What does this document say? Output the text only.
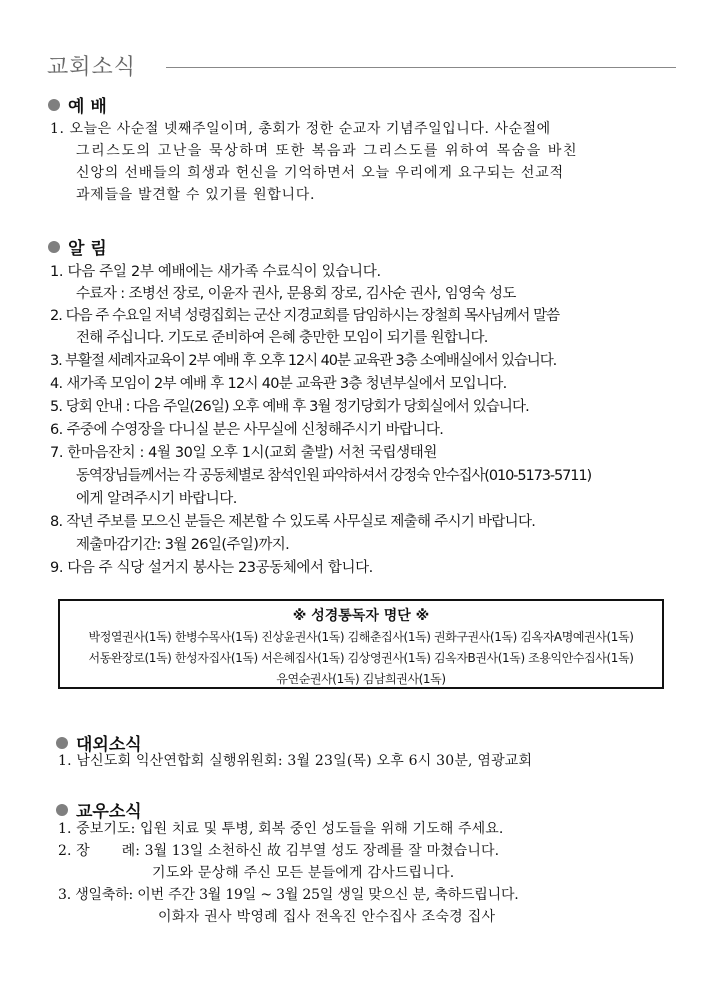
교회소식
예 배
1. 오늘은 사순절 넷째주일이며, 총회가 정한 순교자 기념주일입니다. 사순절에
그리스도의 고난을 묵상하며 또한 복음과 그리스도를 위하여 목숨을 바친
신앙의 선배들의 희생과 헌신을 기억하면서 오늘 우리에게 요구되는 선교적
과제들을 발견할 수 있기를 원합니다.
알 림
1. 다음 주일 2부 예배에는 새가족 수료식이 있습니다.
수료자 : 조병선 장로, 이윤자 권사, 문용회 장로, 김사순 권사, 임영숙 성도
2. 다음 주 수요일 저녁 성령집회는 군산 지경교회를 담임하시는 장철희 목사님께서 말씀
전해 주십니다. 기도로 준비하여 은혜 충만한 모임이 되기를 원합니다.
3. 부활절 세례자교육이 2부 예배 후 오후 12시 40분 교육관 3층 소예배실에서 있습니다.
4. 새가족 모임이 2부 예배 후 12시 40분 교육관 3층 청년부실에서 모입니다.
5. 당회 안내 : 다음 주일(26일) 오후 예배 후 3월 정기당회가 당회실에서 있습니다.
6. 주중에 수영장을 다니실 분은 사무실에 신청해주시기 바랍니다.
7. 한마음잔치 : 4월 30일 오후 1시(교회 출발) 서천 국립생태원
동역장님들께서는 각 공동체별로 참석인원 파악하셔서 강정숙 안수집사(010-5173-5711)
에게 알려주시기 바랍니다.
8. 작년 주보를 모으신 분들은 제본할 수 있도록 사무실로 제출해 주시기 바랍니다.
제출마감기간: 3월 26일(주일)까지.
9. 다음 주 식당 설거지 봉사는 23공동체에서 합니다.
※ 성경통독자 명단 ※
박정열권사(1독) 한병수목사(1독) 진상윤권사(1독) 김해춘집사(1독) 권화구권사(1독) 김옥자A명예권사(1독)
서동완장로(1독) 한성자집사(1독) 서은혜집사(1독) 김상영권사(1독) 김옥자B권사(1독) 조용익안수집사(1독)
유연순권사(1독) 김남희권사(1독)
대외소식
1. 남신도회 익산연합회 실행위원회: 3월 23일(목) 오후 6시 30분, 염광교회
교우소식
1. 중보기도: 입원 치료 및 투병, 회복 중인 성도들을 위해 기도해 주세요.
2. 장       례: 3월 13일 소천하신 故 김부열 성도 장례를 잘 마쳤습니다.
기도와 문상해 주신 모든 분들에게 감사드립니다.
3. 생일축하: 이번 주간 3월 19일 ~ 3월 25일 생일 맞으신 분, 축하드립니다.
이화자 권사 박영례 집사 전옥진 안수집사 조숙경 집사
